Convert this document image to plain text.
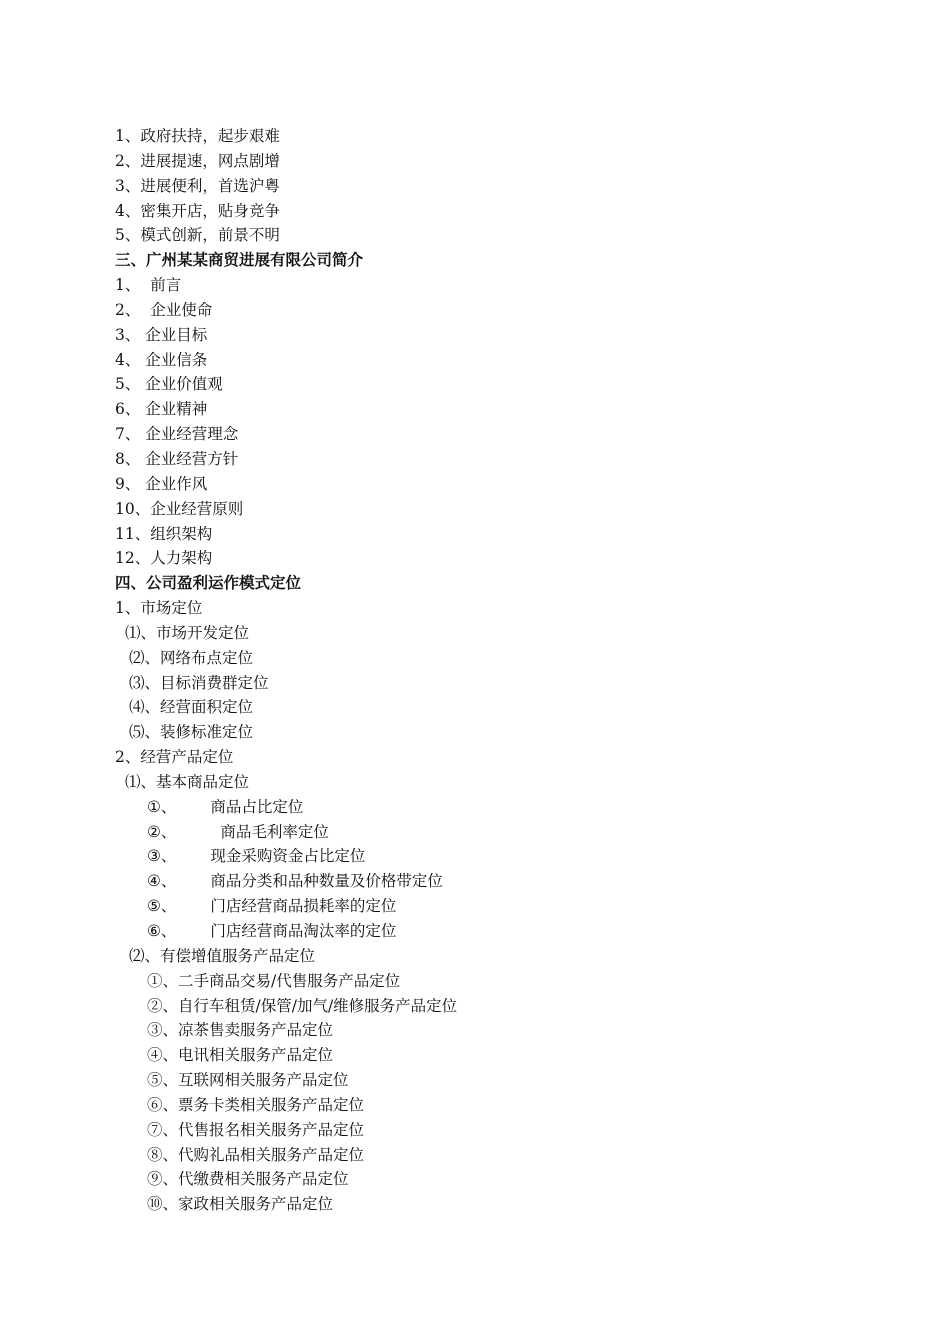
1、政府扶持，起步艰难
2、进展提速，网点剧增
3、进展便利，首选沪粤
4、密集开店，贴身竞争
5、模式创新，前景不明
三、广州某某商贸进展有限公司简介
1、  前言
2、  企业使命
3、 企业目标
4、 企业信条
5、 企业价值观
6、 企业精神
7、 企业经营理念
8、 企业经营方针
9、 企业作风
10、企业经营原则
11、组织架构
12、人力架构
四、公司盈利运作模式定位
1、市场定位
⑴、市场开发定位
⑵、网络布点定位
⑶、目标消费群定位
⑷、经营面积定位
⑸、装修标准定位
2、经营产品定位
⑴、基本商品定位
①、 商品占比定位
②、	商品毛利率定位
③、 现金采购资金占比定位
④、 商品分类和品种数量及价格带定位
⑤、 门店经营商品损耗率的定位
⑥、 门店经营商品淘汰率的定位
⑵、有偿增值服务产品定位
①、二手商品交易/代售服务产品定位
②、自行车租赁/保管/加气/维修服务产品定位
③、凉茶售卖服务产品定位
④、电讯相关服务产品定位
⑤、互联网相关服务产品定位
⑥、票务卡类相关服务产品定位
⑦、代售报名相关服务产品定位
⑧、代购礼品相关服务产品定位
⑨、代缴费相关服务产品定位
⑩、家政相关服务产品定位
